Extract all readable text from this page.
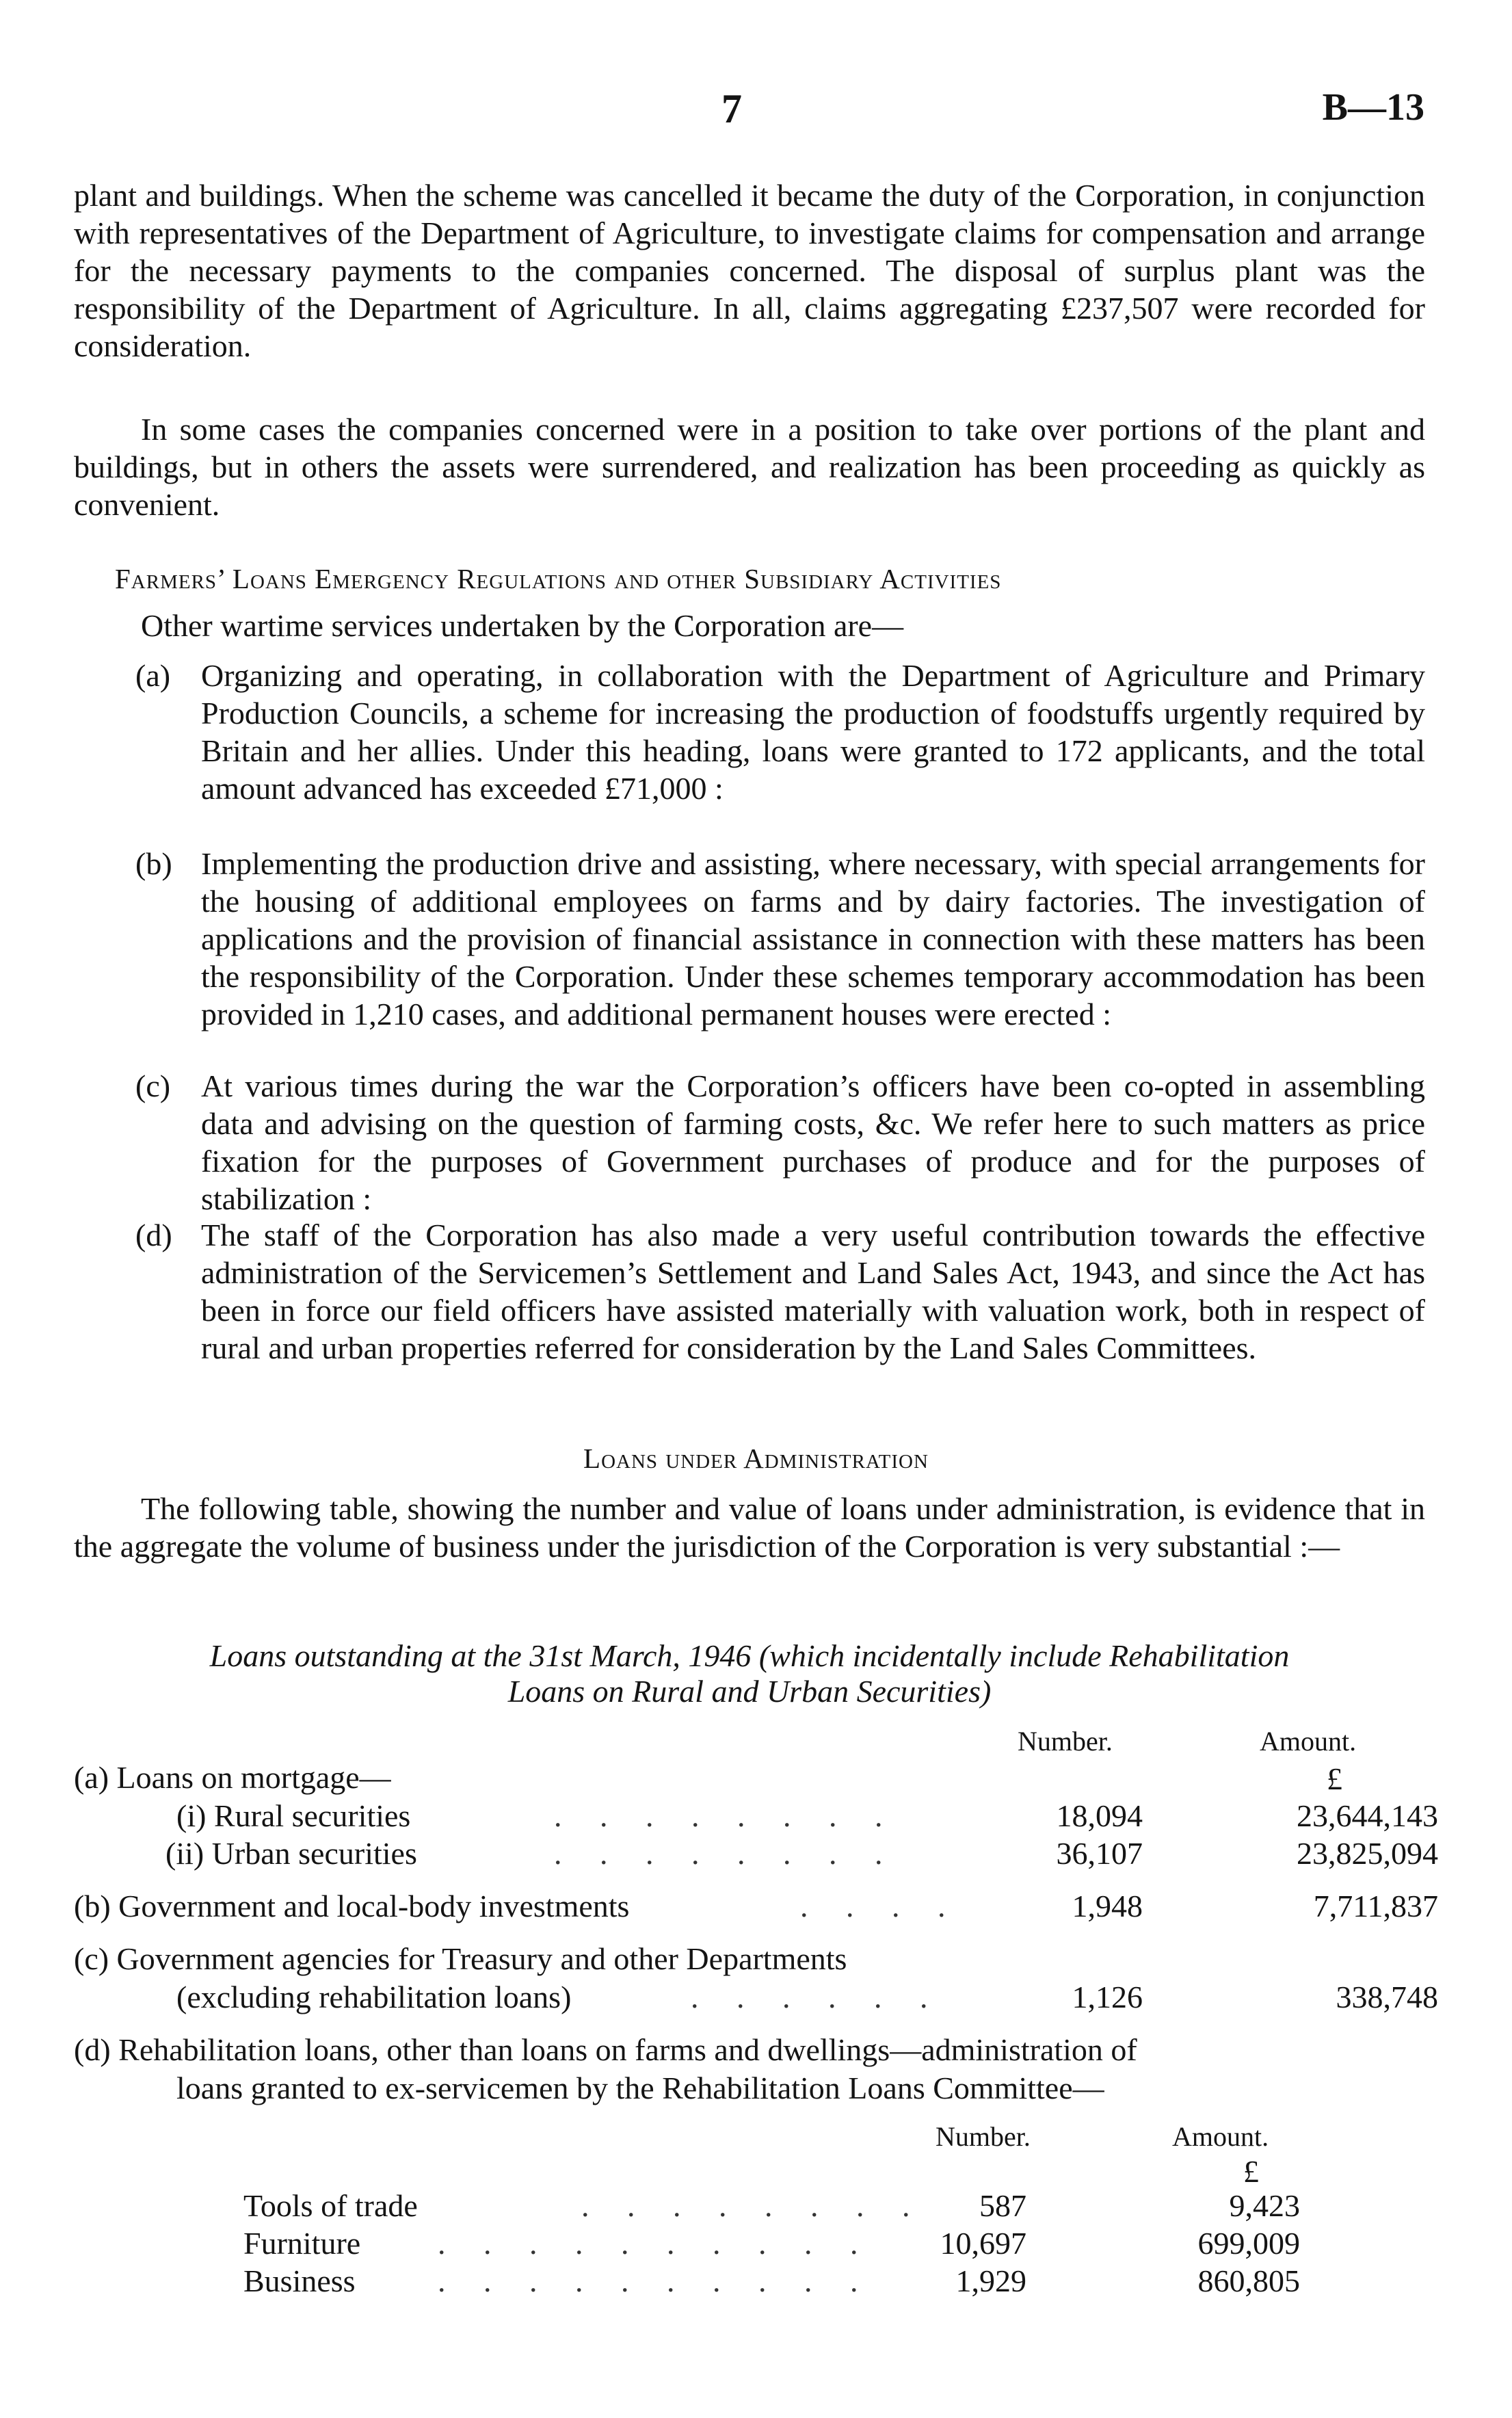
7	B—13

plant and buildings. When the scheme was cancelled it became the duty of the Corporation, in conjunction with representatives of the Department of Agriculture, to investigate claims for compensation and arrange for the necessary payments to the companies concerned. The disposal of surplus plant was the responsibility of the Department of Agriculture. In all, claims aggregating £237,507 were recorded for consideration.

In some cases the companies concerned were in a position to take over portions of the plant and buildings, but in others the assets were surrendered, and realization has been proceeding as quickly as convenient.

Farmers’ Loans Emergency Regulations and other Subsidiary Activities
Other wartime services undertaken by the Corporation are—
(a) Organizing and operating, in collaboration with the Department of Agriculture and Primary Production Councils, a scheme for increasing the production of foodstuffs urgently required by Britain and her allies. Under this heading, loans were granted to 172 applicants, and the total amount advanced has exceeded £71,000 :
(b) Implementing the production drive and assisting, where necessary, with special arrangements for the housing of additional employees on farms and by dairy factories. The investigation of applications and the provision of financial assistance in connection with these matters has been the responsibility of the Corporation. Under these schemes temporary accommodation has been provided in 1,210 cases, and additional permanent houses were erected :
(c) At various times during the war the Corporation’s officers have been co-opted in assembling data and advising on the question of farming costs, &c. We refer here to such matters as price fixation for the purposes of Government purchases of produce and for the purposes of stabilization :
(d) The staff of the Corporation has also made a very useful contribution towards the effective administration of the Servicemen’s Settlement and Land Sales Act, 1943, and since the Act has been in force our field officers have assisted materially with valuation work, both in respect of rural and urban properties referred for consideration by the Land Sales Committees.
Loans under Administration

The following table, showing the number and value of loans under administration, is evidence that in the aggregate the volume of business under the jurisdiction of the Corporation is very substantial :—

Loans outstanding at the 31st March, 1946 (which incidentally include Rehabilitation
Loans on Rural and Urban Securities)
Number.	Amount.
£
(a) Loans on mortgage—
(i) Rural securities	. . . . . . . .	18,094	23,644,143
(ii) Urban securities	. . . . . . . .	36,107	23,825,094
(b) Government and local-body investments	. . . .	1,948	7,711,837
(c) Government agencies for Treasury and other Departments
(excluding rehabilitation loans)	. . . . . .	1,126	338,748
(d) Rehabilitation loans, other than loans on farms and dwellings—administration of
loans granted to ex-servicemen by the Rehabilitation Loans Committee—
Number.	Amount.
£
Tools of trade	. . . . . . . . 587	9,423
Furniture . . . . . . . . . . 10,697	699,009
Business	. . . . . . . . . .	1,929	860,805
